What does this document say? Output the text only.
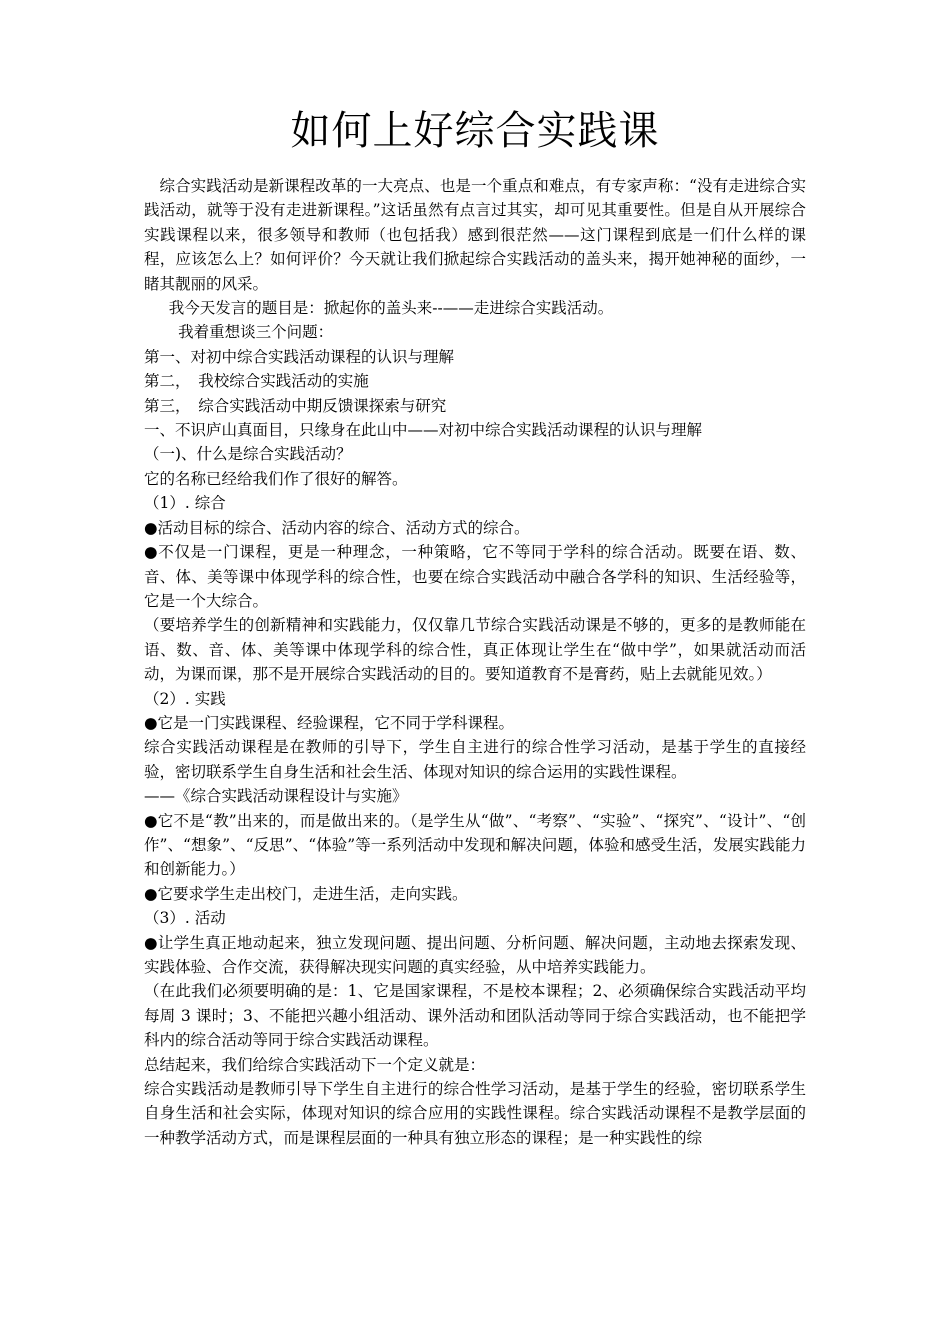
如何上好综合实践课

综合实践活动是新课程改革的一大亮点、也是一个重点和难点，有专家声称：“没有走进综合实践活动，就等于没有走进新课程。”这话虽然有点言过其实，却可见其重要性。但是自从开展综合实践课程以来，很多领导和教师（也包括我）感到很茫然——这门课程到底是一们什么样的课程，应该怎么上？如何评价？今天就让我们掀起综合实践活动的盖头来，揭开她神秘的面纱，一睹其靓丽的风采。

我今天发言的题目是：掀起你的盖头来--——走进综合实践活动。

我着重想谈三个问题：

第一、对初中综合实践活动课程的认识与理解

第二，　我校综合实践活动的实施

第三，　综合实践活动中期反馈课探索与研究

一、不识庐山真面目，只缘身在此山中——对初中综合实践活动课程的认识与理解

（一)、什么是综合实践活动？

它的名称已经给我们作了很好的解答。

（1）. 综合

●活动目标的综合、活动内容的综合、活动方式的综合。

●不仅是一门课程，更是一种理念，一种策略，它不等同于学科的综合活动。既要在语、数、音、体、美等课中体现学科的综合性，也要在综合实践活动中融合各学科的知识、生活经验等，它是一个大综合。

（要培养学生的创新精神和实践能力，仅仅靠几节综合实践活动课是不够的，更多的是教师能在语、数、音、体、美等课中体现学科的综合性，真正体现让学生在“做中学”，如果就活动而活动，为课而课，那不是开展综合实践活动的目的。要知道教育不是膏药，贴上去就能见效。）

（2）. 实践

●它是一门实践课程、经验课程，它不同于学科课程。

综合实践活动课程是在教师的引导下，学生自主进行的综合性学习活动，是基于学生的直接经验，密切联系学生自身生活和社会生活、体现对知识的综合运用的实践性课程。

——《综合实践活动课程设计与实施》

●它不是“教”出来的，而是做出来的。（是学生从“做”、“考察”、“实验”、“探究”、“设计”、“创作”、“想象”、“反思”、“体验”等一系列活动中发现和解决问题，体验和感受生活，发展实践能力和创新能力。）

●它要求学生走出校门，走进生活，走向实践。

（3）. 活动

●让学生真正地动起来，独立发现问题、提出问题、分析问题、解决问题，主动地去探索发现、实践体验、合作交流，获得解决现实问题的真实经验，从中培养实践能力。

（在此我们必须要明确的是：1、它是国家课程，不是校本课程；2、必须确保综合实践活动平均每周 3 课时；3、不能把兴趣小组活动、课外活动和团队活动等同于综合实践活动，也不能把学科内的综合活动等同于综合实践活动课程。

总结起来，我们给综合实践活动下一个定义就是：

综合实践活动是教师引导下学生自主进行的综合性学习活动，是基于学生的经验，密切联系学生自身生活和社会实际，体现对知识的综合应用的实践性课程。综合实践活动课程不是教学层面的一种教学活动方式，而是课程层面的一种具有独立形态的课程；是一种实践性的综
